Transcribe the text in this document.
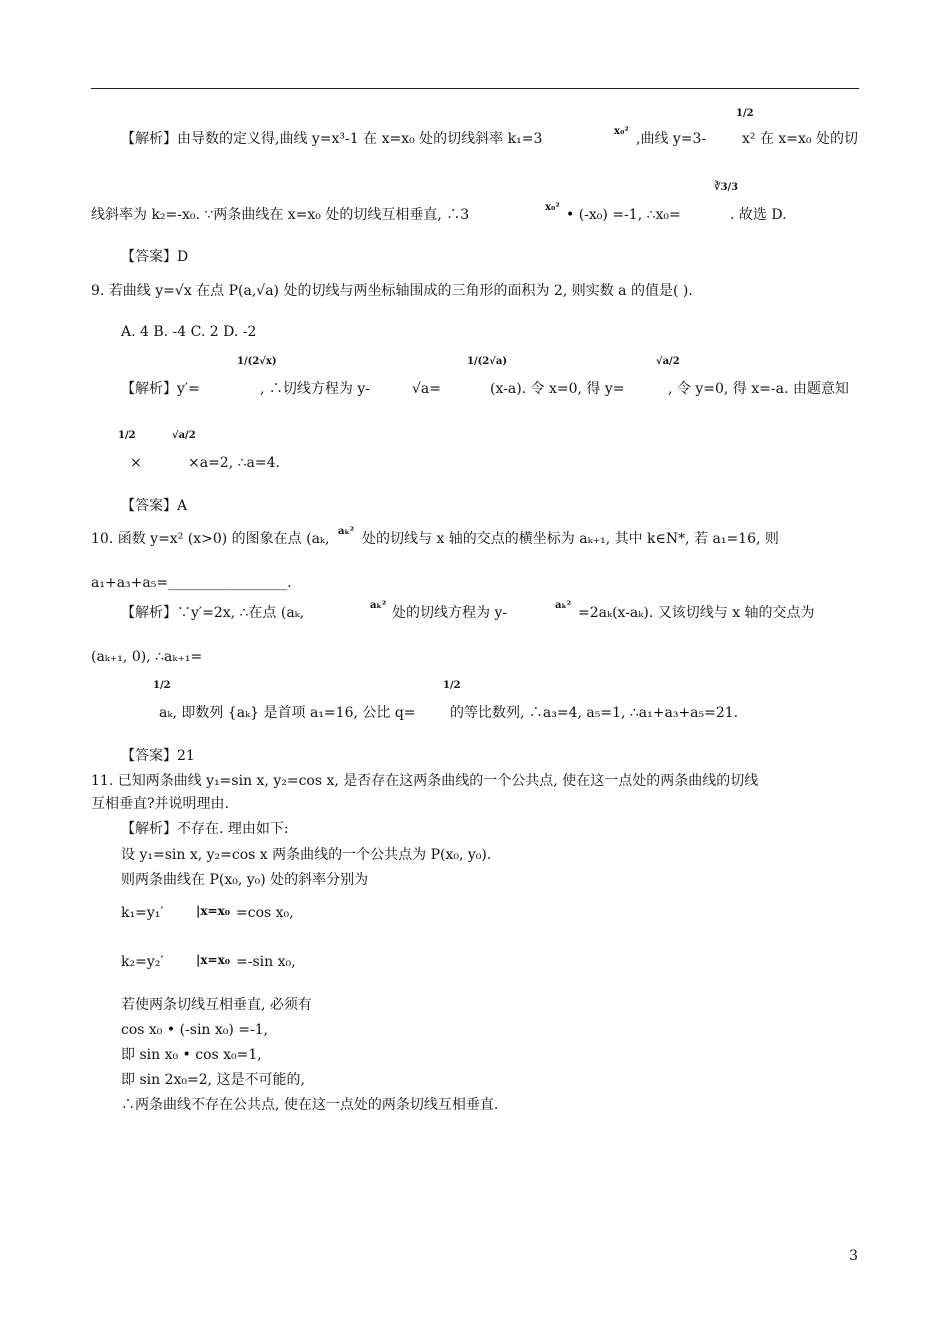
1/2
【解析】由导数的定义得,曲线 y=x³-1 在 x=x₀ 处的切线斜率 k₁=3	x₀² ,曲线 y=3-	x² 在 x=x₀ 处的切
∛3/3
线斜率为 k₂=-x₀. ∵两条曲线在 x=x₀ 处的切线互相垂直, ∴3	x₀² • (-x₀) =-1, ∴x₀=	. 故选 D.
【答案】D
9. 若曲线 y=√x 在点 P(a,√a) 处的切线与两坐标轴围成的三角形的面积为 2, 则实数 a 的值是( ).
A. 4 B. -4 C. 2 D. -2
1/(2√x)	1/(2√a)	√a/2
【解析】y′=	, ∴切线方程为 y-	√a=	(x-a). 令 x=0, 得 y=	, 令 y=0, 得 x=-a. 由题意知
1/2	√a/2
×	×a=2, ∴a=4.
【答案】A
10. 函数 y=x² (x>0) 的图象在点 (aₖ, aₖ² 处的切线与 x 轴的交点的横坐标为 aₖ₊₁, 其中 k∈N*, 若 a₁=16, 则
a₁+a₃+a₅=_________________.
【解析】∵y′=2x, ∴在点 (aₖ,	aₖ² 处的切线方程为 y-	aₖ² =2aₖ(x-aₖ). 又该切线与 x 轴的交点为
(aₖ₊₁, 0), ∴aₖ₊₁=
1/2	1/2
aₖ, 即数列 {aₖ} 是首项 a₁=16, 公比 q= 的等比数列, ∴a₃=4, a₅=1, ∴a₁+a₃+a₅=21.
【答案】21
11. 已知两条曲线 y₁=sin x, y₂=cos x, 是否存在这两条曲线的一个公共点, 使在这一点处的两条曲线的切线
互相垂直?并说明理由.
【解析】不存在. 理由如下:
设 y₁=sin x, y₂=cos x 两条曲线的一个公共点为 P(x₀, y₀).
则两条曲线在 P(x₀, y₀) 处的斜率分别为
k₁=y₁′	|x=x₀ =cos x₀,
k₂=y₂′	|x=x₀ =-sin x₀,
若使两条切线互相垂直, 必须有
cos x₀ • (-sin x₀) =-1,
即 sin x₀ • cos x₀=1,
即 sin 2x₀=2, 这是不可能的,
∴两条曲线不存在公共点, 使在这一点处的两条切线互相垂直.
3
